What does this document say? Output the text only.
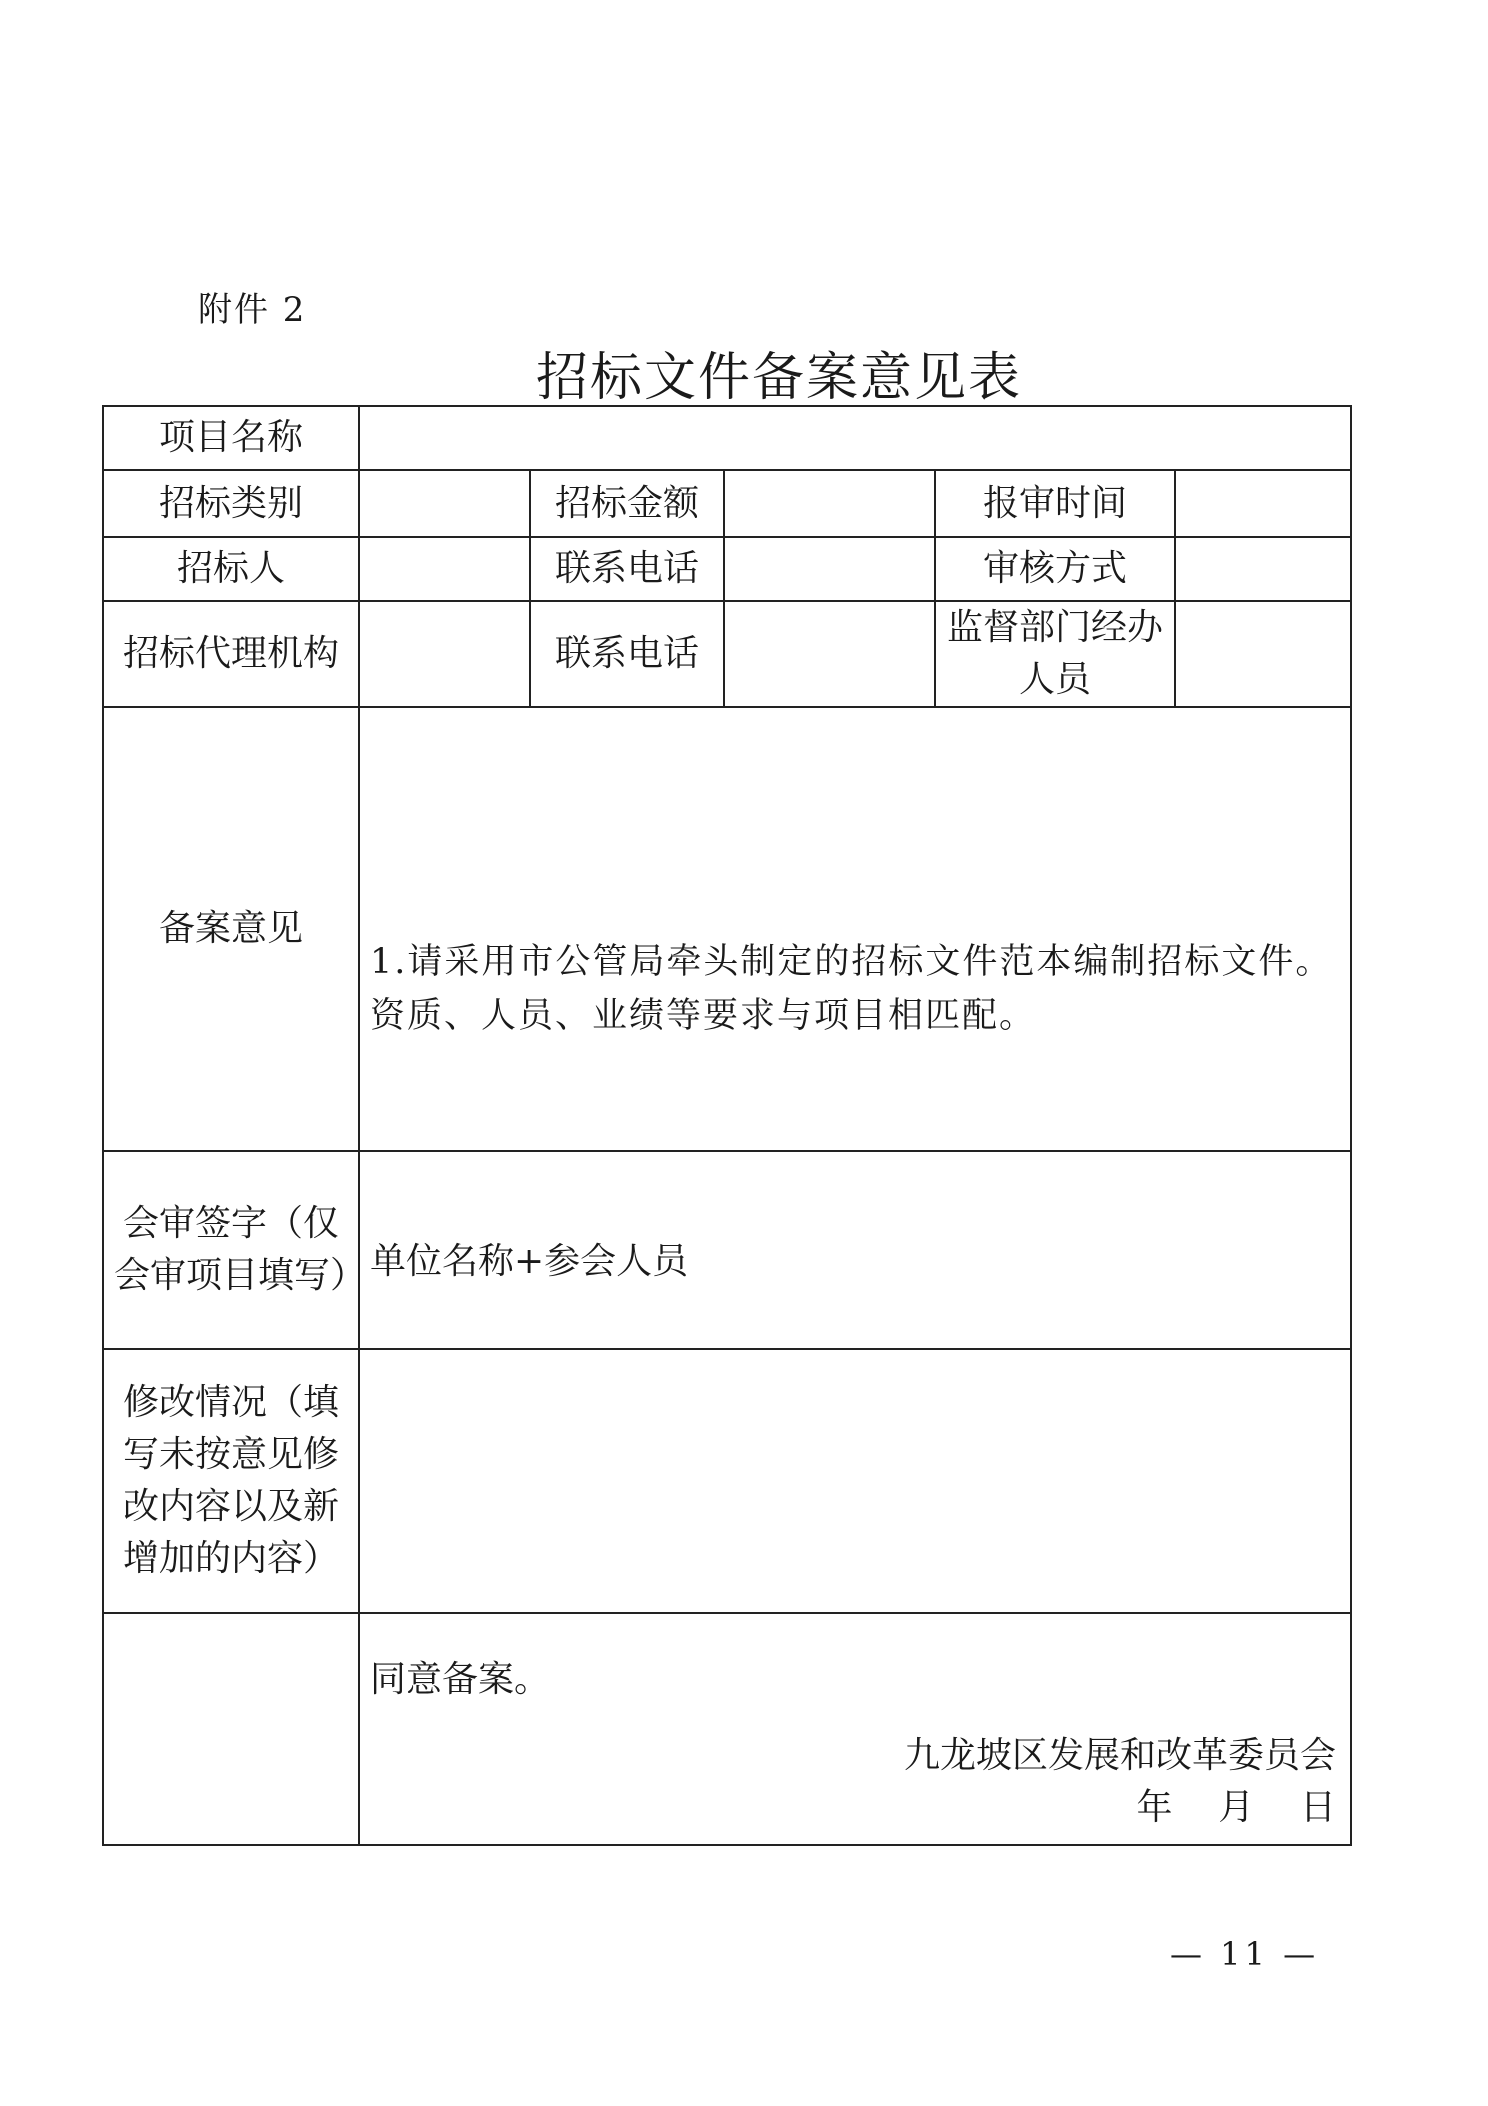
附件 2
招标文件备案意见表
项目名称					
招标类别		招标金额		报审时间	
招标人		联系电话		审核方式	
招标代理机构		联系电话		监督部门经办人员	
备案意见	1.请采用市公管局牵头制定的招标文件范本编制招标文件。资质、人员、业绩等要求与项目相匹配。				

会审签字（仅会审项目填写）	单位名称+参会人员				

修改情况（填写未按意见修改内容以及新增加的内容）					

	同意备案。
九龙坡区发展和改革委员会
年    月    日				
— 11 —
